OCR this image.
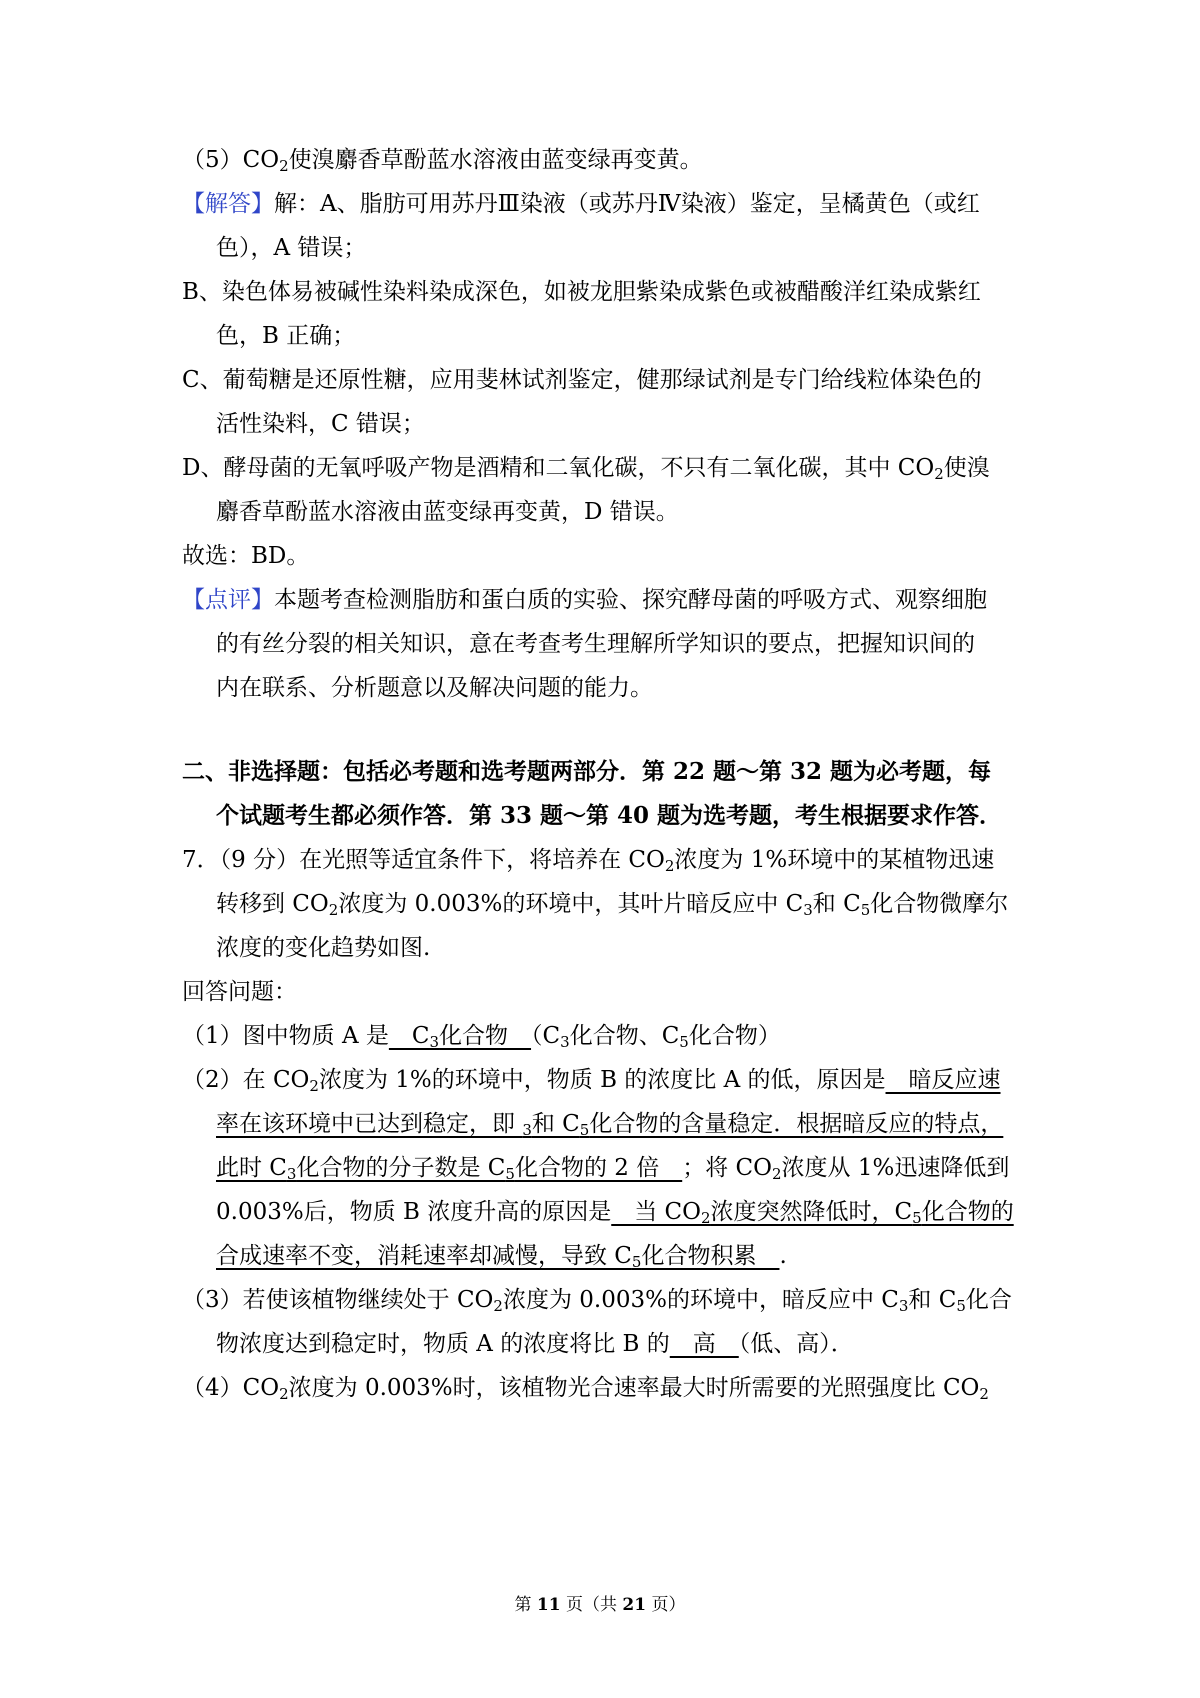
$(5)CO_2$使溴麝香草酚蓝水溶液由蓝变绿再变黄。
【解答】解：A、脂肪可用苏丹Ⅲ染液（或苏丹Ⅳ染液）鉴定，呈橘黄色（或红
色），A 错误；
B、染色体易被碱性染料染成深色，如被龙胆紫染成紫色或被醋酸洋红染成紫红
色，B 正确；
C、葡萄糖是还原性糖，应用斐林试剂鉴定，健那绿试剂是专门给线粒体染色的
活性染料，C 错误；
D、酵母菌的无氧呼吸产物是酒精和二氧化碳，不只有二氧化碳，其中 $CO_2$使溴
麝香草酚蓝水溶液由蓝变绿再变黄，D 错误。
故选：BD。
【点评】本题考查检测脂肪和蛋白质的实验、探究酵母菌的呼吸方式、观察细胞
的有丝分裂的相关知识，意在考查考生理解所学知识的要点，把握知识间的
内在联系、分析题意以及解决问题的能力。
二、非选择题：包括必考题和选考题两部分．第 22 题～第 32 题为必考题，每
个试题考生都必须作答．第 33 题～第 40 题为选考题，考生根据要求作答．
7．（9 分）在光照等适宜条件下，将培养在 $CO_2$浓度为 1%环境中的某植物迅速
转移到 $CO_2$浓度为 0.003%的环境中，其叶片暗反应中 $C_3$和 $C_5$化合物微摩尔
浓度的变化趋势如图.
回答问题：
（1）图中物质 A 是　$C_3$化合物　（$C_3$化合物、$C_5$化合物）
（2）在 $CO_2$浓度为 1%的环境中，物质 B 的浓度比 A 的低，原因是　暗反应速
率在该环境中已达到稳定，即 $_3$和 $C_5$化合物的含量稳定．根据暗反应的特点，
此时 $C_3$化合物的分子数是 $C_5$化合物的 2 倍　；将 $CO_2$浓度从 1%迅速降低到
0.003%后，物质 B 浓度升高的原因是　当 $CO_2$浓度突然降低时，$C_5$化合物的
合成速率不变，消耗速率却减慢，导致 $C_5$化合物积累　.
（3）若使该植物继续处于 $CO_2$浓度为 0.003%的环境中，暗反应中 $C_3$和 $C_5$化合
物浓度达到稳定时，物质 A 的浓度将比 B 的　高　（低、高）．
$(4)CO_2$浓度为 0.003%时，该植物光合速率最大时所需要的光照强度比 $CO_2$
第 11 页（共 21 页）
